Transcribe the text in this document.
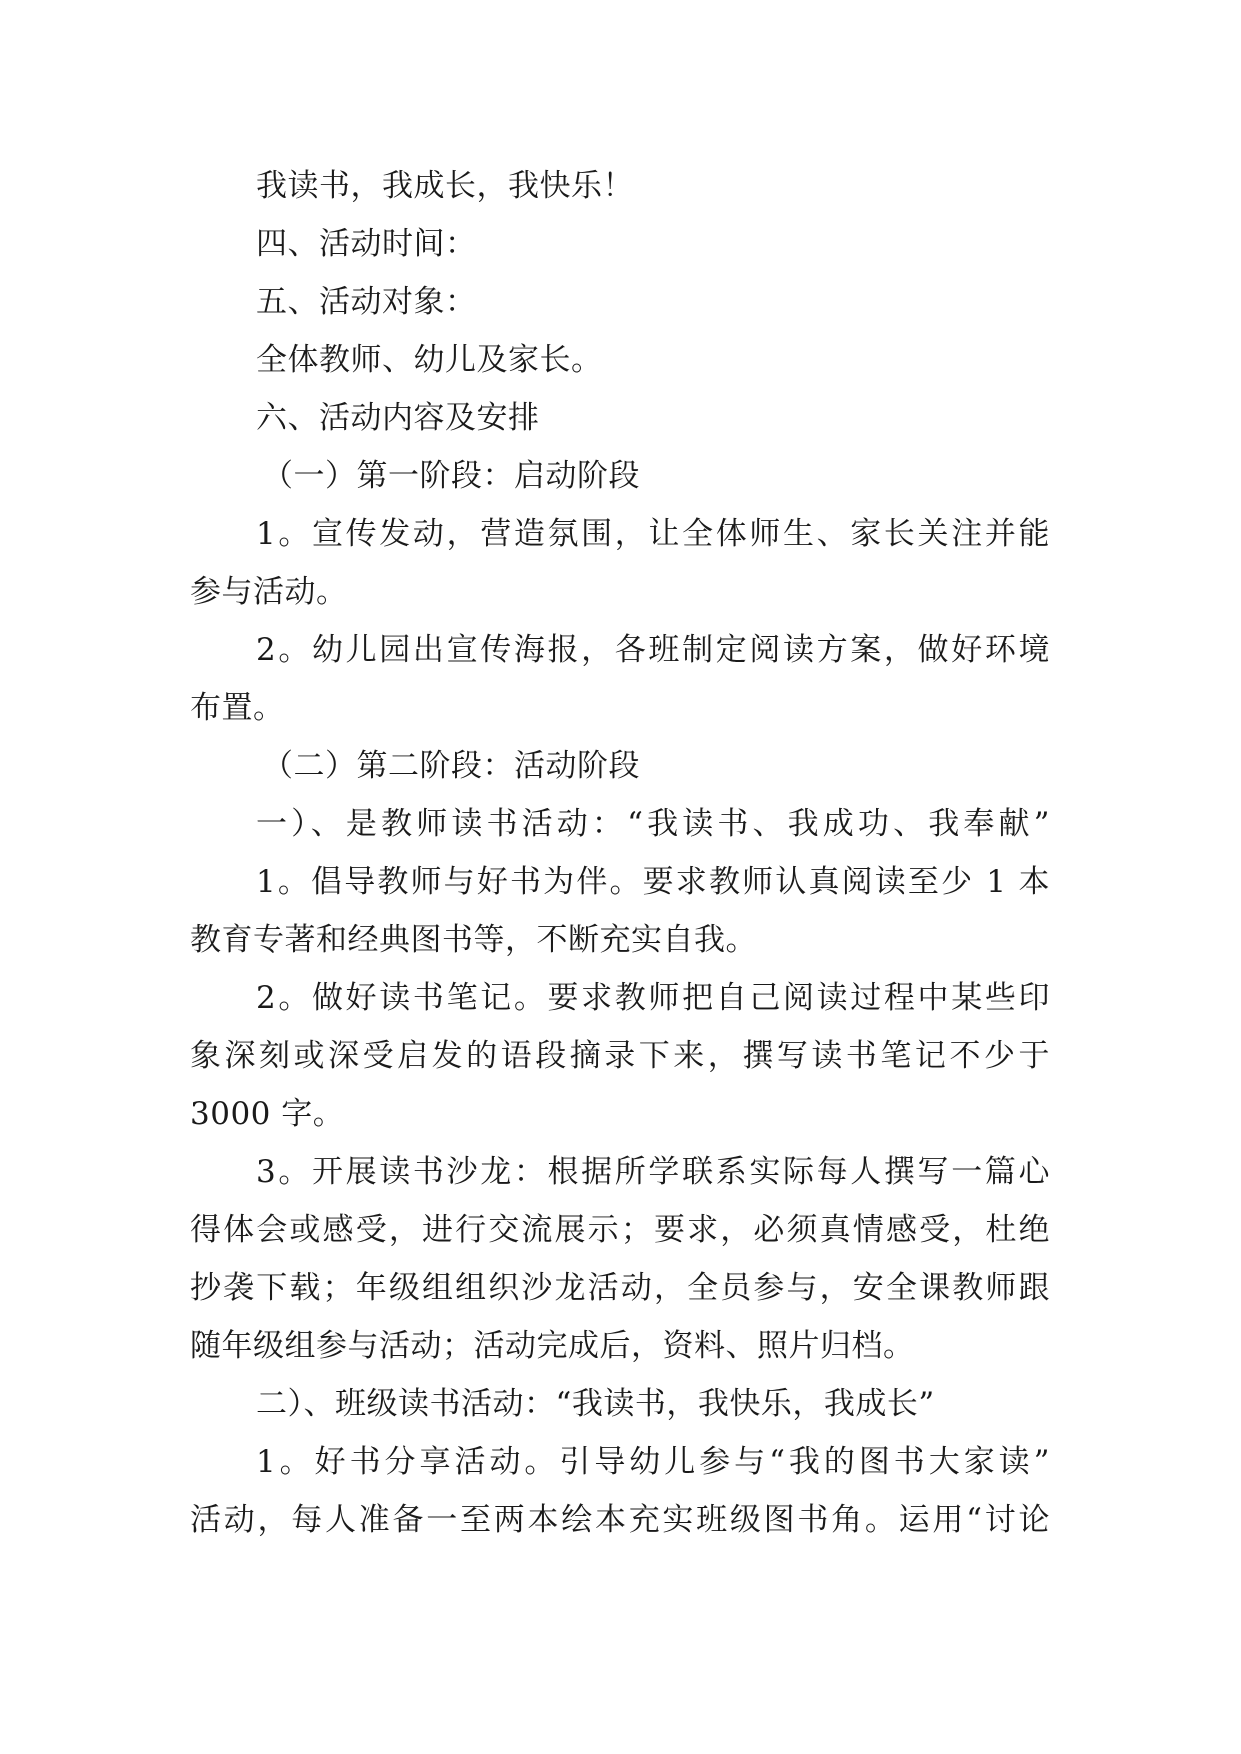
我读书，我成长，我快乐！
四、活动时间：
五、活动对象：
全体教师、幼儿及家长。
六、活动内容及安排
（一）第一阶段：启动阶段
1。宣传发动，营造氛围，让全体师生、家长关注并能
参与活动。
2。幼儿园出宣传海报，各班制定阅读方案，做好环境
布置。
（二）第二阶段：活动阶段
一）、是教师读书活动：“我读书、我成功、我奉献”
1。倡导教师与好书为伴。要求教师认真阅读至少 1 本
教育专著和经典图书等，不断充实自我。
2。做好读书笔记。要求教师把自己阅读过程中某些印
象深刻或深受启发的语段摘录下来，撰写读书笔记不少于
3000 字。
3。开展读书沙龙：根据所学联系实际每人撰写一篇心
得体会或感受，进行交流展示；要求，必须真情感受，杜绝
抄袭下载；年级组组织沙龙活动，全员参与，安全课教师跟
随年级组参与活动；活动完成后，资料、照片归档。
二）、班级读书活动：“我读书，我快乐，我成长”
1。好书分享活动。引导幼儿参与“我的图书大家读”
活动，每人准备一至两本绘本充实班级图书角。运用“讨论
